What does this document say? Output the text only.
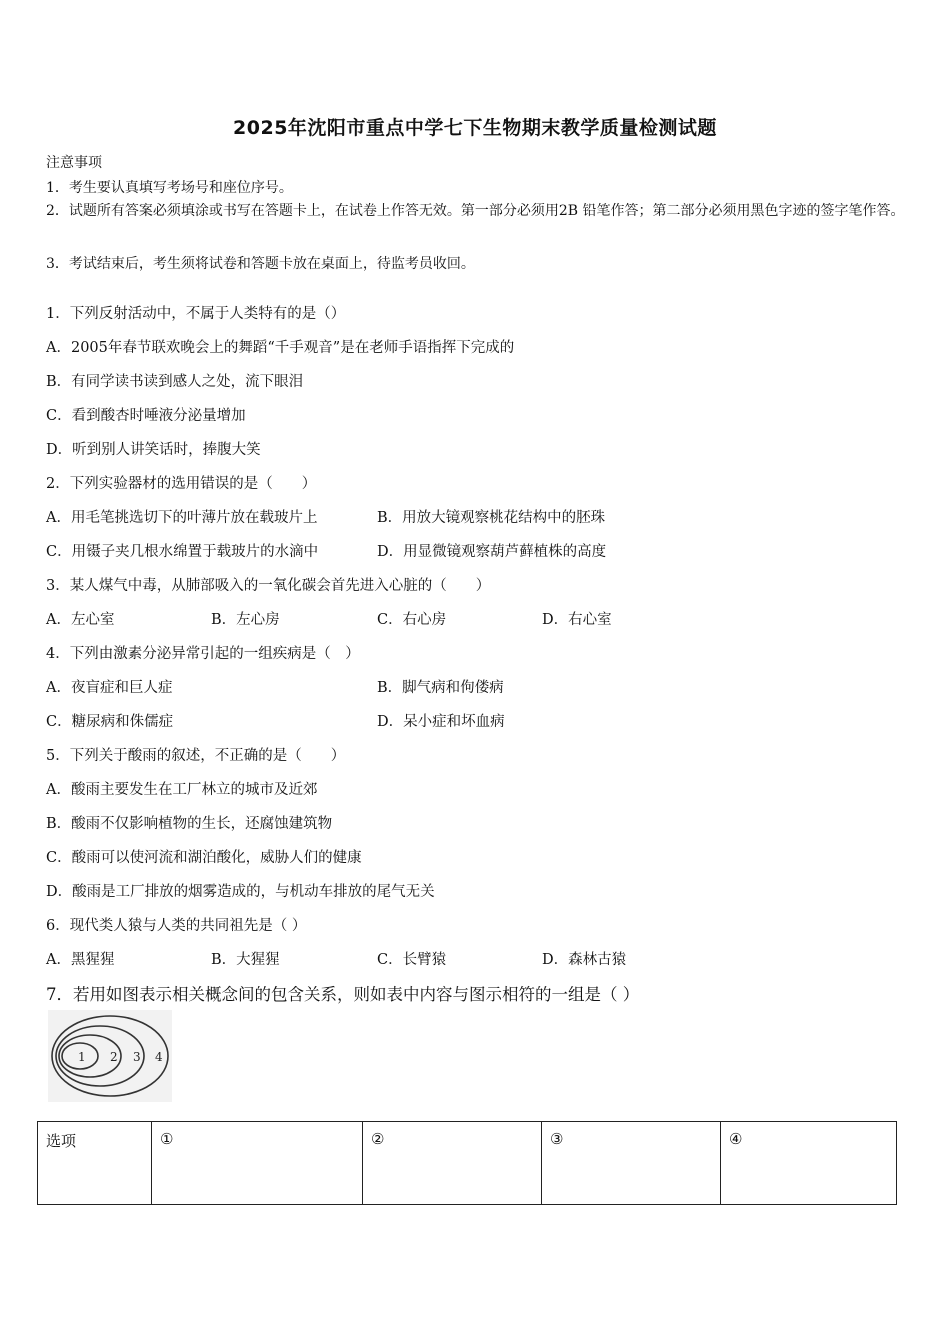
2025年沈阳市重点中学七下生物期末教学质量检测试题
注意事项
1．考生要认真填写考场号和座位序号。
2．试题所有答案必须填涂或书写在答题卡上，在试卷上作答无效。第一部分必须用2B 铅笔作答；第二部分必须用黑色字迹的签字笔作答。
3．考试结束后，考生须将试卷和答题卡放在桌面上，待监考员收回。
1．下列反射活动中，不属于人类特有的是（）
A．2005年春节联欢晚会上的舞蹈“千手观音”是在老师手语指挥下完成的
B．有同学读书读到感人之处，流下眼泪
C．看到酸杏时唾液分泌量增加
D．听到别人讲笑话时，捧腹大笑
2．下列实验器材的选用错误的是（　　）
A．用毛笔挑选切下的叶薄片放在载玻片上	B．用放大镜观察桃花结构中的胚珠
C．用镊子夹几根水绵置于载玻片的水滴中	D．用显微镜观察葫芦藓植株的高度
3．某人煤气中毒，从肺部吸入的一氧化碳会首先进入心脏的（　　）
A．左心室	B．左心房	C．右心房	D．右心室
4．下列由激素分泌异常引起的一组疾病是（　）
A．夜盲症和巨人症	B．脚气病和佝偻病
C．糖尿病和侏儒症	D．呆小症和坏血病
5．下列关于酸雨的叙述，不正确的是（　　）
A．酸雨主要发生在工厂林立的城市及近郊
B．酸雨不仅影响植物的生长，还腐蚀建筑物
C．酸雨可以使河流和湖泊酸化，威胁人们的健康
D．酸雨是工厂排放的烟雾造成的，与机动车排放的尾气无关
6．现代类人猿与人类的共同祖先是（ ）
A．黑猩猩	B．大猩猩	C．长臂猿	D．森林古猿
7．若用如图表示相关概念间的包含关系，则如表中内容与图示相符的一组是（ ）
1 2 3 4
选项	①	②	③	④
